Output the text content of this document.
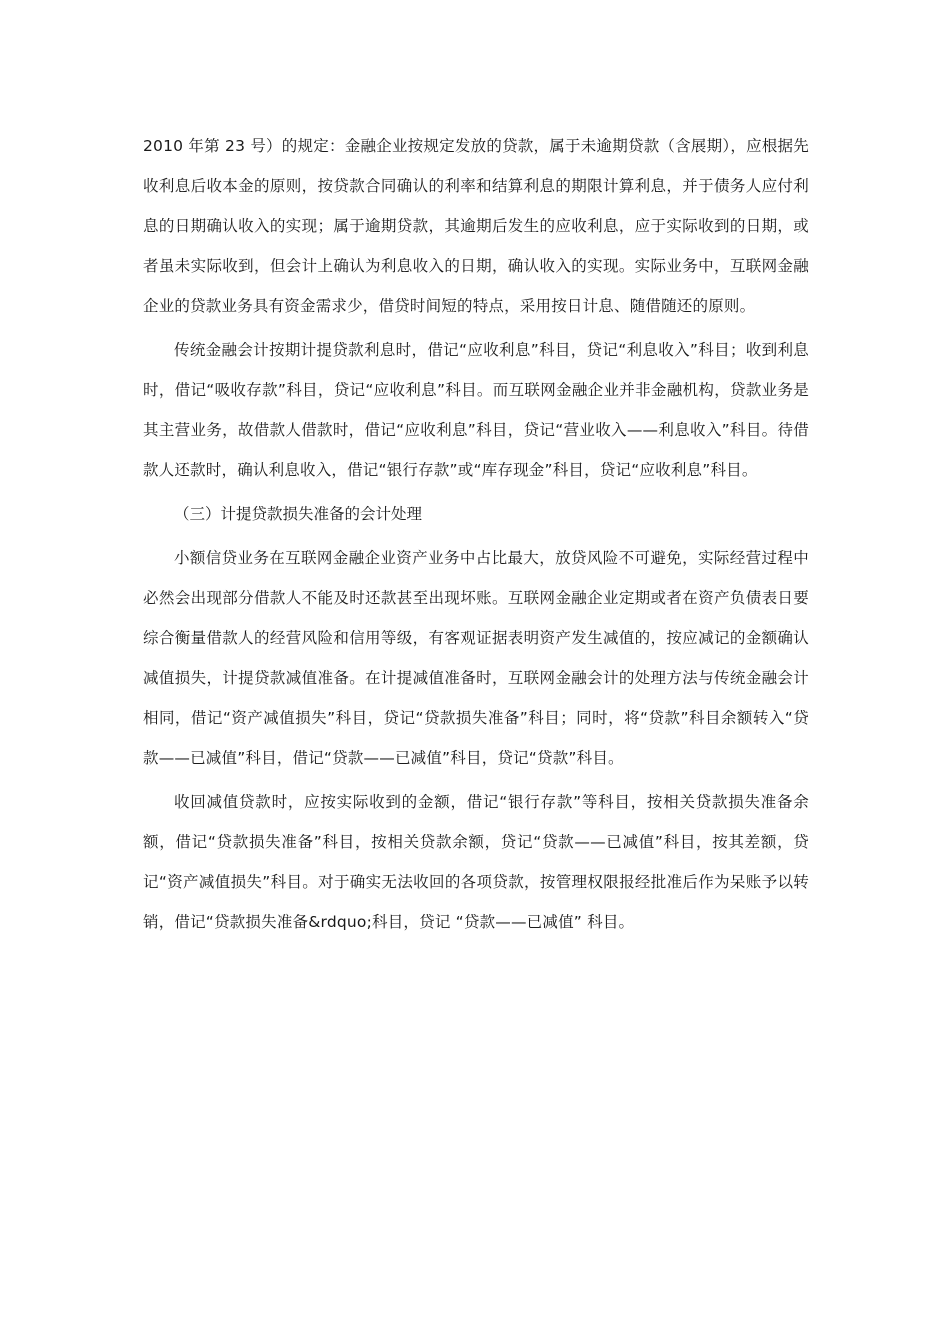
2010 年第 23 号）的规定：金融企业按规定发放的贷款，属于未逾期贷款（含展期），应根据先收利息后收本金的原则，按贷款合同确认的利率和结算利息的期限计算利息，并于债务人应付利息的日期确认收入的实现；属于逾期贷款，其逾期后发生的应收利息，应于实际收到的日期，或者虽未实际收到，但会计上确认为利息收入的日期，确认收入的实现。实际业务中，互联网金融企业的贷款业务具有资金需求少，借贷时间短的特点，采用按日计息、随借随还的原则。

传统金融会计按期计提贷款利息时，借记“应收利息”科目，贷记“利息收入”科目；收到利息时，借记“吸收存款”科目，贷记“应收利息”科目。而互联网金融企业并非金融机构，贷款业务是其主营业务，故借款人借款时，借记“应收利息”科目，贷记“营业收入——利息收入”科目。待借款人还款时，确认利息收入，借记“银行存款”或“库存现金”科目，贷记“应收利息”科目。

（三）计提贷款损失准备的会计处理

小额信贷业务在互联网金融企业资产业务中占比最大，放贷风险不可避免，实际经营过程中必然会出现部分借款人不能及时还款甚至出现坏账。互联网金融企业定期或者在资产负债表日要综合衡量借款人的经营风险和信用等级，有客观证据表明资产发生减值的，按应减记的金额确认减值损失，计提贷款减值准备。在计提减值准备时，互联网金融会计的处理方法与传统金融会计相同，借记“资产减值损失”科目，贷记“贷款损失准备”科目；同时，将“贷款”科目余额转入“贷款——已减值”科目，借记“贷款——已减值”科目，贷记“贷款”科目。

收回减值贷款时，应按实际收到的金额，借记“银行存款”等科目，按相关贷款损失准备余额，借记“贷款损失准备”科目，按相关贷款余额，贷记“贷款——已减值”科目，按其差额，贷记“资产减值损失”科目。对于确实无法收回的各项贷款，按管理权限报经批准后作为呆账予以转销，借记“贷款损失准备&rdquo;科目，贷记 “贷款——已减值” 科目。
